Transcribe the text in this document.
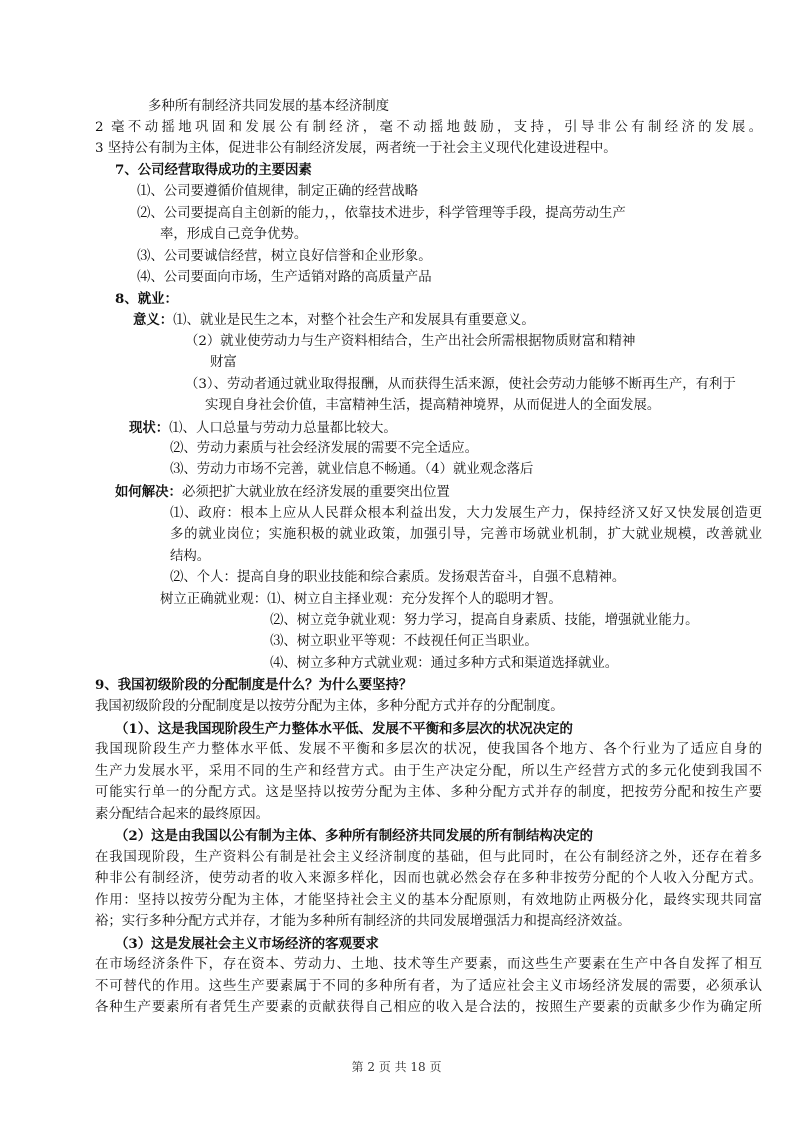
多种所有制经济共同发展的基本经济制度
2 毫不动摇地巩固和发展公有制经济，毫不动摇地鼓励，支持，引导非公有制经济的发展。
3 坚持公有制为主体，促进非公有制经济发展，两者统一于社会主义现代化建设进程中。
7、公司经营取得成功的主要因素
⑴、公司要遵循价值规律，制定正确的经营战略
⑵、公司要提高自主创新的能力，，依靠技术进步，科学管理等手段，提高劳动生产
率，形成自己竞争优势。
⑶、公司要诚信经营，树立良好信誉和企业形象。
⑷、公司要面向市场，生产适销对路的高质量产品
8、就业：
意义：⑴、就业是民生之本，对整个社会生产和发展具有重要意义。
（2）就业使劳动力与生产资料相结合，生产出社会所需根据物质财富和精神
财富
（3）、劳动者通过就业取得报酬，从而获得生活来源，使社会劳动力能够不断再生产，有利于
实现自身社会价值，丰富精神生活，提高精神境界，从而促进人的全面发展。
现状：⑴、人口总量与劳动力总量都比较大。
⑵、劳动力素质与社会经济发展的需要不完全适应。
⑶、劳动力市场不完善，就业信息不畅通。（4）就业观念落后
如何解决：必须把扩大就业放在经济发展的重要突出位置
⑴、政府：根本上应从人民群众根本利益出发，大力发展生产力，保持经济又好又快发展创造更
多的就业岗位；实施积极的就业政策，加强引导，完善市场就业机制，扩大就业规模，改善就业
结构。
⑵、个人：提高自身的职业技能和综合素质。发扬艰苦奋斗，自强不息精神。
树立正确就业观：⑴、树立自主择业观：充分发挥个人的聪明才智。
⑵、树立竞争就业观：努力学习，提高自身素质、技能，增强就业能力。
⑶、树立职业平等观：不歧视任何正当职业。
⑷、树立多种方式就业观：通过多种方式和渠道选择就业。
9、我国初级阶段的分配制度是什么？为什么要坚持？
我国初级阶段的分配制度是以按劳分配为主体，多种分配方式并存的分配制度。
（1）、这是我国现阶段生产力整体水平低、发展不平衡和多层次的状况决定的
我国现阶段生产力整体水平低、发展不平衡和多层次的状况，使我国各个地方、各个行业为了适应自身的
生产力发展水平，采用不同的生产和经营方式。由于生产决定分配，所以生产经营方式的多元化使到我国不
可能实行单一的分配方式。这是坚持以按劳分配为主体、多种分配方式并存的制度，把按劳分配和按生产要
素分配结合起来的最终原因。
（2）这是由我国以公有制为主体、多种所有制经济共同发展的所有制结构决定的
在我国现阶段，生产资料公有制是社会主义经济制度的基础，但与此同时，在公有制经济之外，还存在着多
种非公有制经济，使劳动者的收入来源多样化，因而也就必然会存在多种非按劳分配的个人收入分配方式。
作用：坚持以按劳分配为主体，才能坚持社会主义的基本分配原则，有效地防止两极分化，最终实现共同富
裕；实行多种分配方式并存，才能为多种所有制经济的共同发展增强活力和提高经济效益。
（3）这是发展社会主义市场经济的客观要求
在市场经济条件下，存在资本、劳动力、土地、技术等生产要素，而这些生产要素在生产中各自发挥了相互
不可替代的作用。这些生产要素属于不同的多种所有者，为了适应社会主义市场经济发展的需要，必须承认
各种生产要素所有者凭生产要素的贡献获得自己相应的收入是合法的，按照生产要素的贡献多少作为确定所
第 2 页 共 18 页
